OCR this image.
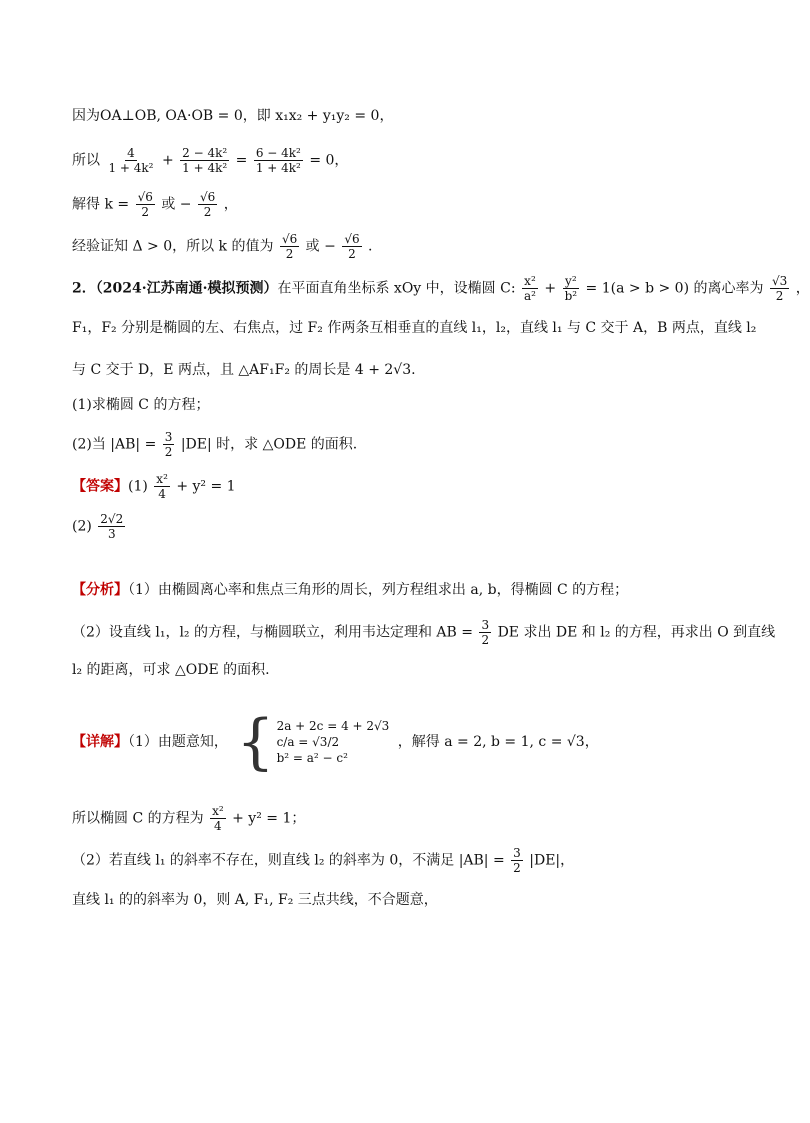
因为OA⊥OB, OA·OB = 0，即 x₁x₂ + y₁y₂ = 0，
所以 $\frac{4}{\text{1 + 4k²}} + \frac{\text{2 − 4k²}}{\text{1 + 4k²}} = \frac{\text{6 − 4k²}}{\text{1 + 4k²}} = 0$，
解得 $k = \frac{√6}{2}$ 或 − $\frac{√6}{2}$ ，
经验证知 Δ > 0，所以 k 的值为 $\frac{√6}{2}$ 或 − $\frac{√6}{2}$ .
2．（2024·江苏南通·模拟预测）在平面直角坐标系 xOy 中，设椭圆 C: $\frac{\text{x²}}{\text{a²}} + \frac{\text{y²}}{\text{b²}} = 1(a > b > 0)$ 的离心率为 $\frac{√3}{2}$ ，
F₁，F₂ 分别是椭圆的左、右焦点，过 F₂ 作两条互相垂直的直线 l₁，l₂，直线 l₁ 与 C 交于 A，B 两点，直线 l₂
与 C 交于 D，E 两点，且 △AF₁F₂ 的周长是 4 + 2√3.
(1)求椭圆 C 的方程；
(2)当 $|AB| = \frac{3}{2} |DE|$ 时，求 △ODE 的面积.
【答案】$(1) \frac{\text{x²}}{4} + y^2 = 1$
$(2) \frac{2√2}{3}$
【分析】（1）由椭圆离心率和焦点三角形的周长，列方程组求出 a, b，得椭圆 C 的方程；
（2）设直线 l₁，l₂ 的方程，与椭圆联立，利用韦达定理和 AB = $\frac{3}{2}$ DE 求出 DE 和 l₂ 的方程，再求出 O 到直线
l₂ 的距离，可求 △ODE 的面积.
【详解】（1）由题意知， { 2a + 2c = 4 + 2√3
c/a = √3/2
b² = a² − c²
，解得 a = 2, b = 1, c = √3，
所以椭圆 C 的方程为 $\frac{\text{x²}}{4} + y^2 = 1$；
（2）若直线 l₁ 的斜率不存在，则直线 l₂ 的斜率为 0，不满足 $|AB| = \frac{3}{2} |DE|$，
直线 l₁ 的的斜率为 0，则 A, F₁, F₂ 三点共线，不合题意，
